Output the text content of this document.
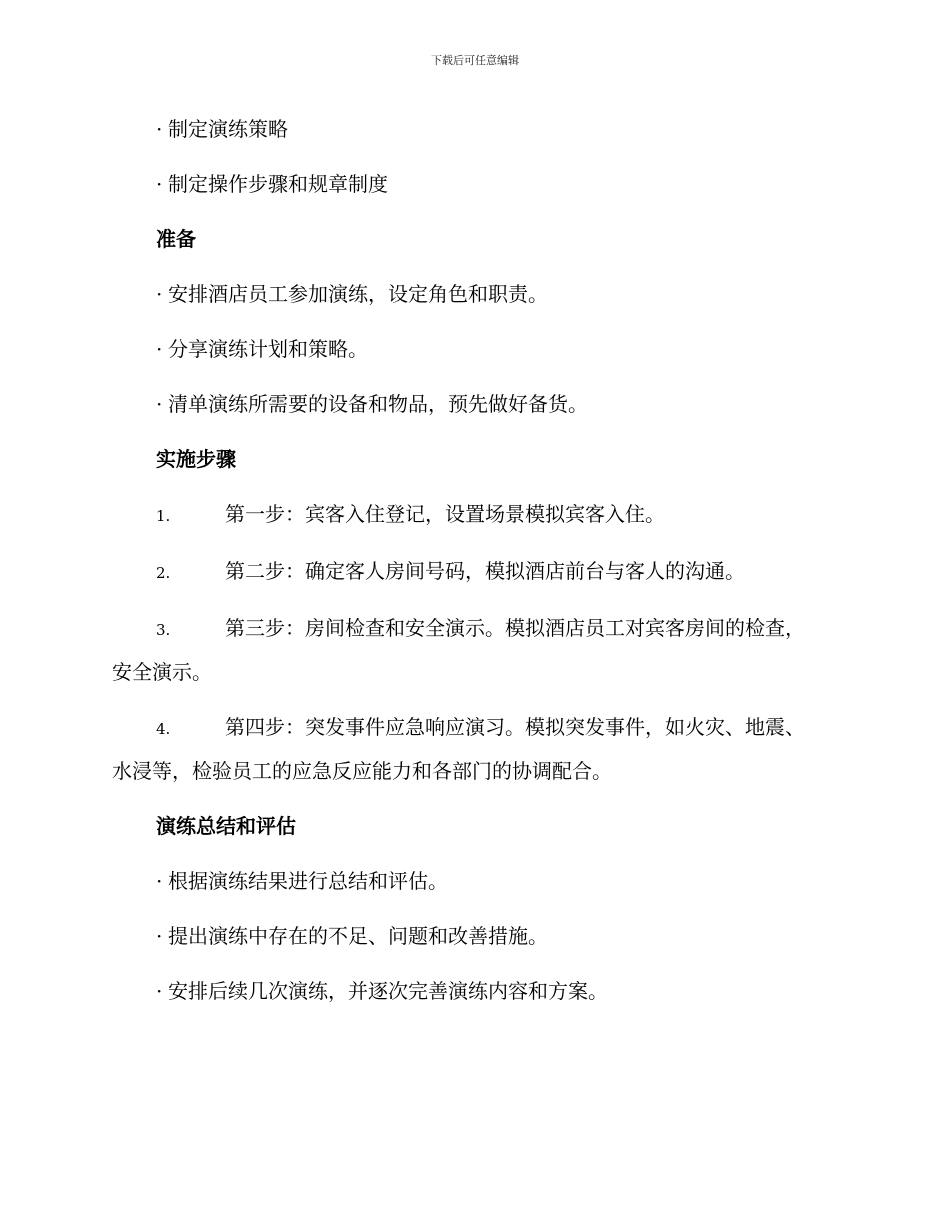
下载后可任意编辑
· 制定演练策略
· 制定操作步骤和规章制度
准备
· 安排酒店员工参加演练，设定角色和职责。
· 分享演练计划和策略。
· 清单演练所需要的设备和物品，预先做好备货。
实施步骤
1.	第一步：宾客入住登记，设置场景模拟宾客入住。
2.	第二步：确定客人房间号码，模拟酒店前台与客人的沟通。
3.	第三步：房间检查和安全演示。模拟酒店员工对宾客房间的检查，安全演示。
4.	第四步：突发事件应急响应演习。模拟突发事件，如火灾、地震、水浸等，检验员工的应急反应能力和各部门的协调配合。
演练总结和评估
· 根据演练结果进行总结和评估。
· 提出演练中存在的不足、问题和改善措施。
· 安排后续几次演练，并逐次完善演练内容和方案。
